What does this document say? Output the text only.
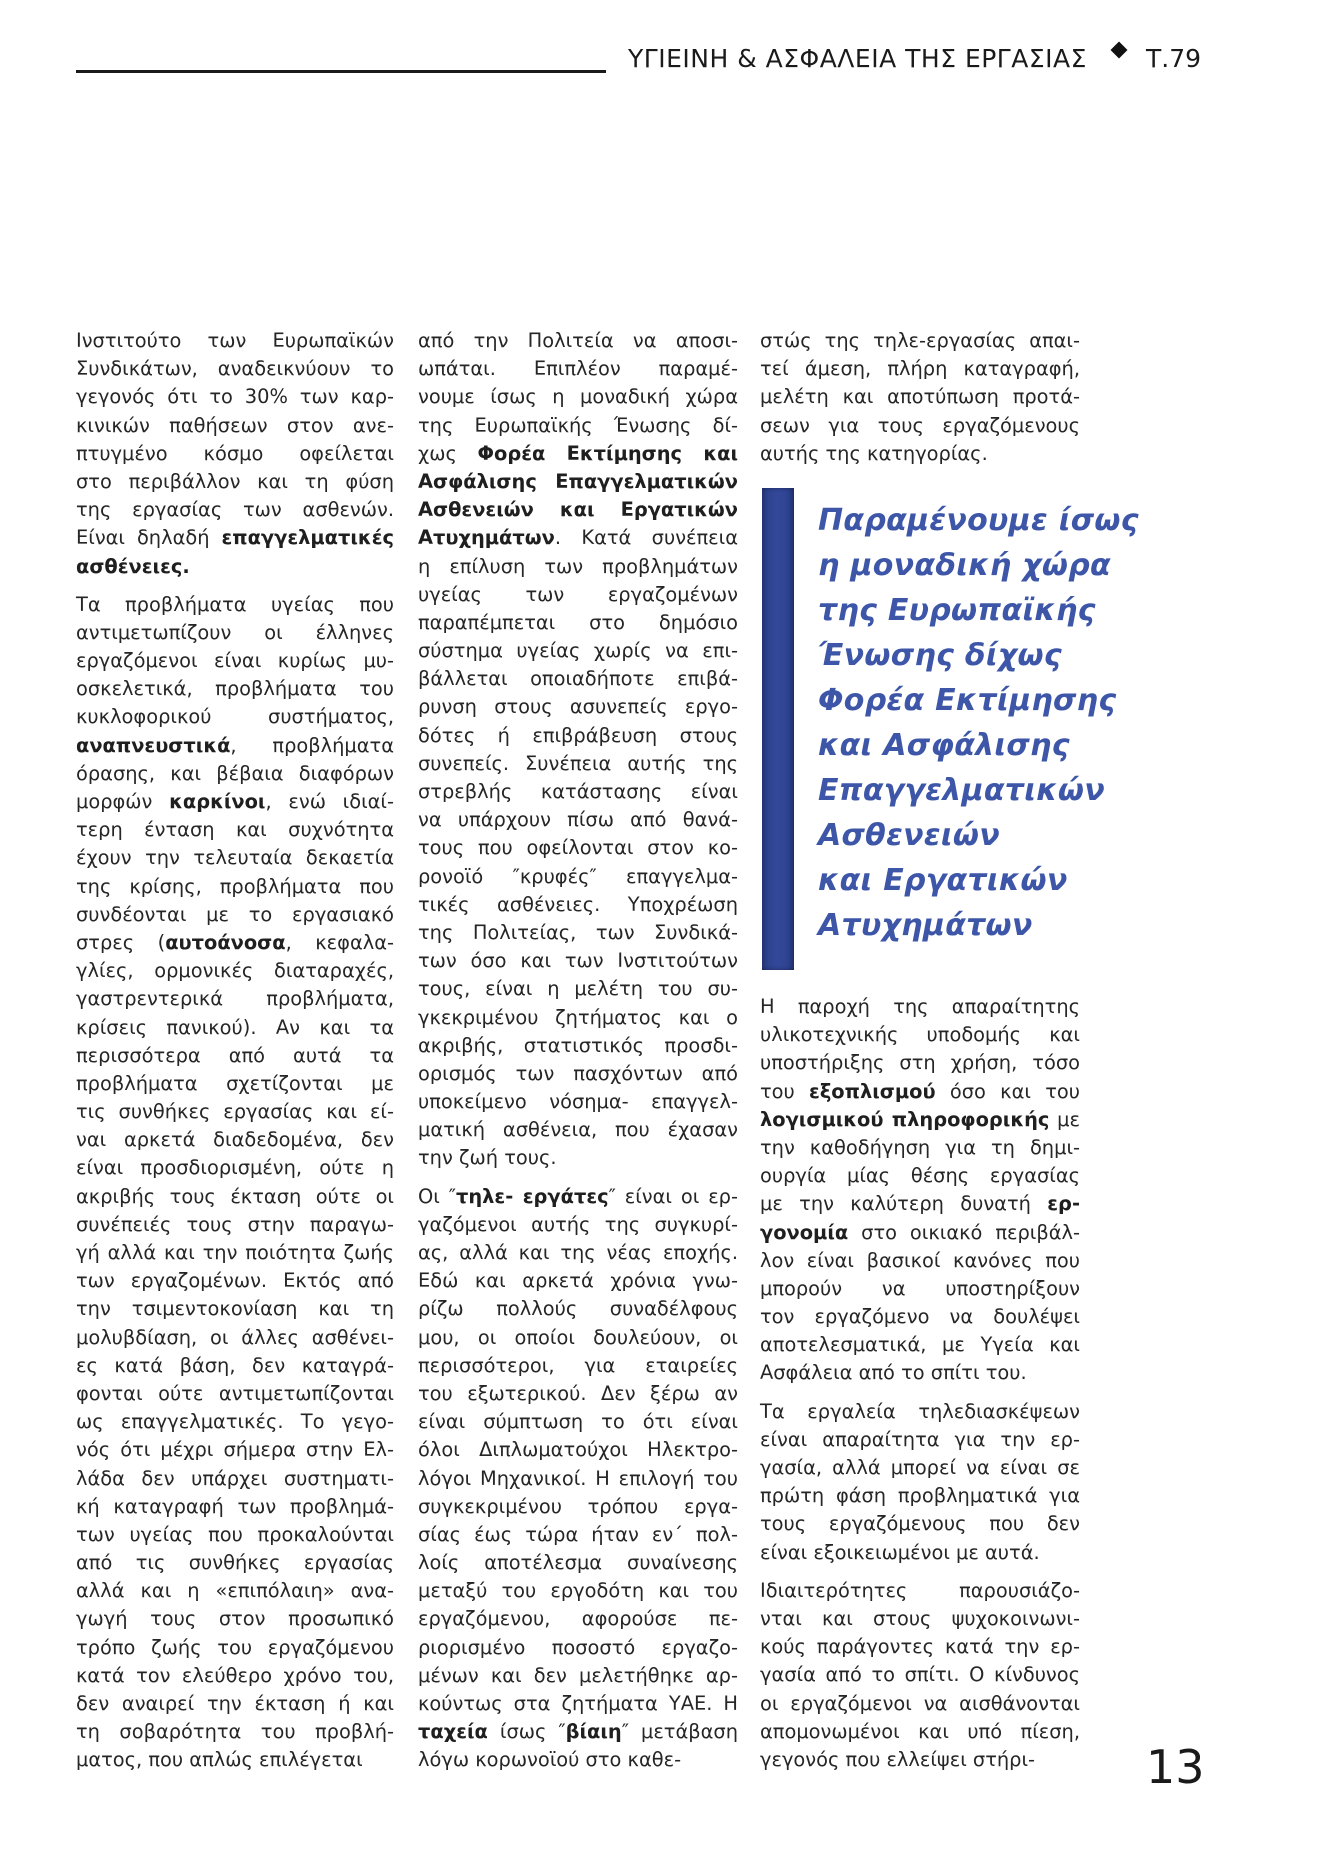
ΥΓΙΕΙΝΗ & ΑΣΦΑΛΕΙΑ ΤΗΣ ΕΡΓΑΣΙΑΣ Τ.79
Ινστιτούτο των Ευρωπαϊκών
Συνδικάτων, αναδεικνύουν το
γεγονός ότι το 30% των καρ-
κινικών παθήσεων στον ανε-
πτυγμένο κόσμο οφείλεται
στο περιβάλλον και τη φύση
της εργασίας των ασθενών.
Είναι δηλαδή επαγγελματικές
ασθένειες.
Τα προβλήματα υγείας που
αντιμετωπίζουν οι έλληνες
εργαζόμενοι είναι κυρίως μυ-
οσκελετικά, προβλήματα του
κυκλοφορικού συστήματος,
αναπνευστικά, προβλήματα
όρασης, και βέβαια διαφόρων
μορφών καρκίνοι, ενώ ιδιαί-
τερη ένταση και συχνότητα
έχουν την τελευταία δεκαετία
της κρίσης, προβλήματα που
συνδέονται με το εργασιακό
στρες (αυτοάνοσα, κεφαλα-
γλίες, ορμονικές διαταραχές,
γαστρεντερικά προβλήματα,
κρίσεις πανικού). Αν και τα
περισσότερα από αυτά τα
προβλήματα σχετίζονται με
τις συνθήκες εργασίας και εί-
ναι αρκετά διαδεδομένα, δεν
είναι προσδιορισμένη, ούτε η
ακριβής τους έκταση ούτε οι
συνέπειές τους στην παραγω-
γή αλλά και την ποιότητα ζωής
των εργαζομένων. Εκτός από
την τσιμεντοκονίαση και τη
μολυβδίαση, οι άλλες ασθένει-
ες κατά βάση, δεν καταγρά-
φονται ούτε αντιμετωπίζονται
ως επαγγελματικές. Το γεγο-
νός ότι μέχρι σήμερα στην Ελ-
λάδα δεν υπάρχει συστηματι-
κή καταγραφή των προβλημά-
των υγείας που προκαλούνται
από τις συνθήκες εργασίας
αλλά και η «επιπόλαιη» ανα-
γωγή τους στον προσωπικό
τρόπο ζωής του εργαζόμενου
κατά τον ελεύθερο χρόνο του,
δεν αναιρεί την έκταση ή και
τη σοβαρότητα του προβλή-
ματος, που απλώς επιλέγεται
από την Πολιτεία να αποσι-
ωπάται. Επιπλέον παραμέ-
νουμε ίσως η μοναδική χώρα
της Ευρωπαϊκής Ένωσης δί-
χως Φορέα Εκτίμησης και
Ασφάλισης Επαγγελματικών
Ασθενειών και Εργατικών
Ατυχημάτων. Κατά συνέπεια
η επίλυση των προβλημάτων
υγείας των εργαζομένων
παραπέμπεται στο δημόσιο
σύστημα υγείας χωρίς να επι-
βάλλεται οποιαδήποτε επιβά-
ρυνση στους ασυνεπείς εργο-
δότες ή επιβράβευση στους
συνεπείς. Συνέπεια αυτής της
στρεβλής κατάστασης είναι
να υπάρχουν πίσω από θανά-
τους που οφείλονται στον κο-
ρονοϊό ″κρυφές″ επαγγελμα-
τικές ασθένειες. Υποχρέωση
της Πολιτείας, των Συνδικά-
των όσο και των Ινστιτούτων
τους, είναι η μελέτη του συ-
γκεκριμένου ζητήματος και ο
ακριβής, στατιστικός προσδι-
ορισμός των πασχόντων από
υποκείμενο νόσημα- επαγγελ-
ματική ασθένεια, που έχασαν
την ζωή τους.
Οι ″τηλε- εργάτες″ είναι οι ερ-
γαζόμενοι αυτής της συγκυρί-
ας, αλλά και της νέας εποχής.
Εδώ και αρκετά χρόνια γνω-
ρίζω πολλούς συναδέλφους
μου, οι οποίοι δουλεύουν, οι
περισσότεροι, για εταιρείες
του εξωτερικού. Δεν ξέρω αν
είναι σύμπτωση το ότι είναι
όλοι Διπλωματούχοι Ηλεκτρο-
λόγοι Μηχανικοί. Η επιλογή του
συγκεκριμένου τρόπου εργα-
σίας έως τώρα ήταν εν΄ πολ-
λοίς αποτέλεσμα συναίνεσης
μεταξύ του εργοδότη και του
εργαζόμενου, αφορούσε πε-
ριορισμένο ποσοστό εργαζο-
μένων και δεν μελετήθηκε αρ-
κούντως στα ζητήματα ΥΑΕ. Η
ταχεία ίσως ″βίαιη″ μετάβαση
λόγω κορωνοϊού στο καθε-
στώς της τηλε-εργασίας απαι-
τεί άμεση, πλήρη καταγραφή,
μελέτη και αποτύπωση προτά-
σεων για τους εργαζόμενους
αυτής της κατηγορίας.
Παραμένουμε ίσως
η μοναδική χώρα
της Ευρωπαϊκής
Ένωσης δίχως
Φορέα Εκτίμησης
και Ασφάλισης
Επαγγελματικών
Ασθενειών
και Εργατικών
Ατυχημάτων
Η παροχή της απαραίτητης
υλικοτεχνικής υποδομής και
υποστήριξης στη χρήση, τόσο
του εξοπλισμού όσο και του
λογισμικού πληροφορικής με
την καθοδήγηση για τη δημι-
ουργία μίας θέσης εργασίας
με την καλύτερη δυνατή ερ-
γονομία στο οικιακό περιβάλ-
λον είναι βασικοί κανόνες που
μπορούν να υποστηρίξουν
τον εργαζόμενο να δουλέψει
αποτελεσματικά, με Υγεία και
Ασφάλεια από το σπίτι του.
Τα εργαλεία τηλεδιασκέψεων
είναι απαραίτητα για την ερ-
γασία, αλλά μπορεί να είναι σε
πρώτη φάση προβληματικά για
τους εργαζόμενους που δεν
είναι εξοικειωμένοι με αυτά.
Ιδιαιτερότητες παρουσιάζο-
νται και στους ψυχοκοινωνι-
κούς παράγοντες κατά την ερ-
γασία από το σπίτι. Ο κίνδυνος
οι εργαζόμενοι να αισθάνονται
απομονωμένοι και υπό πίεση,
γεγονός που ελλείψει στήρι-	13
